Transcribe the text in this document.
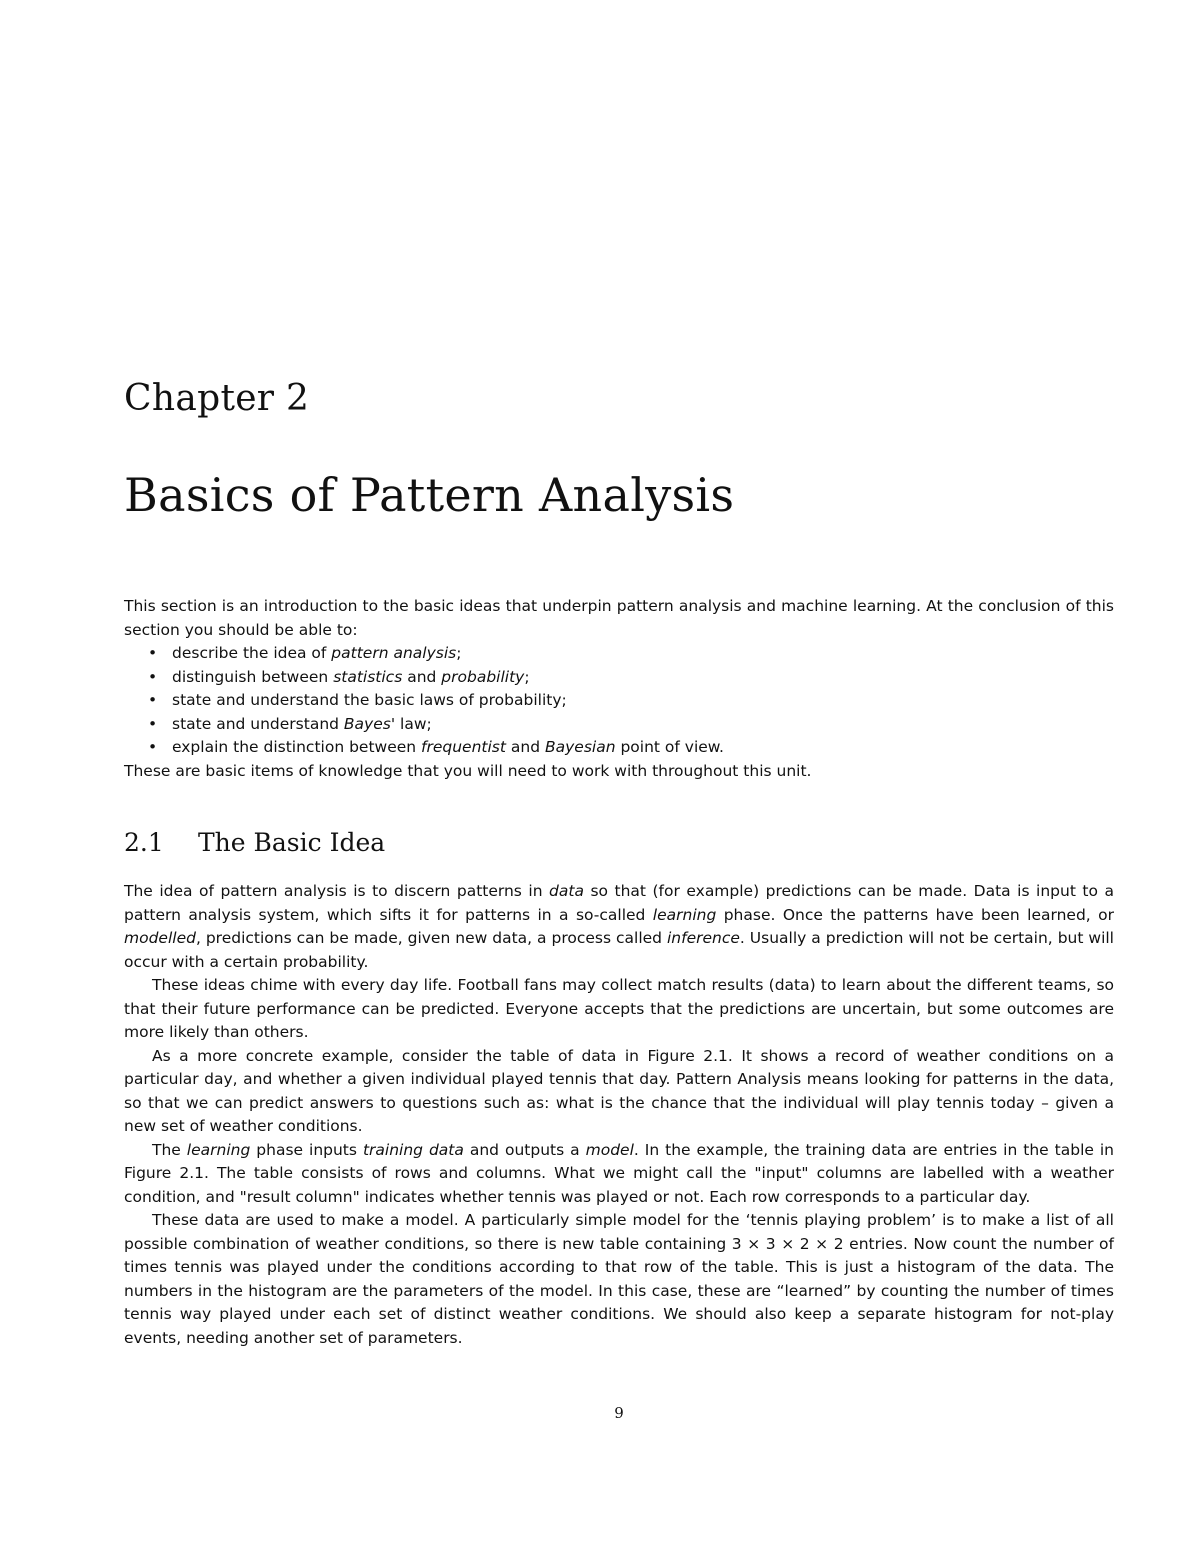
Chapter 2
Basics of Pattern Analysis

This section is an introduction to the basic ideas that underpin pattern analysis and machine learning. At the conclusion of this section you should be able to:

• describe the idea of pattern analysis;
• distinguish between statistics and probability;
• state and understand the basic laws of probability;
• state and understand Bayes' law;
• explain the distinction between frequentist and Bayesian point of view.

These are basic items of knowledge that you will need to work with throughout this unit.

2.1 The Basic Idea

The idea of pattern analysis is to discern patterns in data so that (for example) predictions can be made. Data is input to a pattern analysis system, which sifts it for patterns in a so-called learning phase. Once the patterns have been learned, or modelled, predictions can be made, given new data, a process called inference. Usually a prediction will not be certain, but will occur with a certain probability.

These ideas chime with every day life. Football fans may collect match results (data) to learn about the different teams, so that their future performance can be predicted. Everyone accepts that the predictions are uncertain, but some outcomes are more likely than others.

As a more concrete example, consider the table of data in Figure 2.1. It shows a record of weather conditions on a particular day, and whether a given individual played tennis that day. Pattern Analysis means looking for patterns in the data, so that we can predict answers to questions such as: what is the chance that the individual will play tennis today – given a new set of weather conditions.

The learning phase inputs training data and outputs a model. In the example, the training data are entries in the table in Figure 2.1. The table consists of rows and columns. What we might call the "input" columns are labelled with a weather condition, and "result column" indicates whether tennis was played or not. Each row corresponds to a particular day.

These data are used to make a model. A particularly simple model for the ‘tennis playing problem’ is to make a list of all possible combination of weather conditions, so there is new table containing 3 × 3 × 2 × 2 entries. Now count the number of times tennis was played under the conditions according to that row of the table. This is just a histogram of the data. The numbers in the histogram are the parameters of the model. In this case, these are “learned” by counting the number of times tennis way played under each set of distinct weather conditions. We should also keep a separate histogram for not-play events, needing another set of parameters.

9
